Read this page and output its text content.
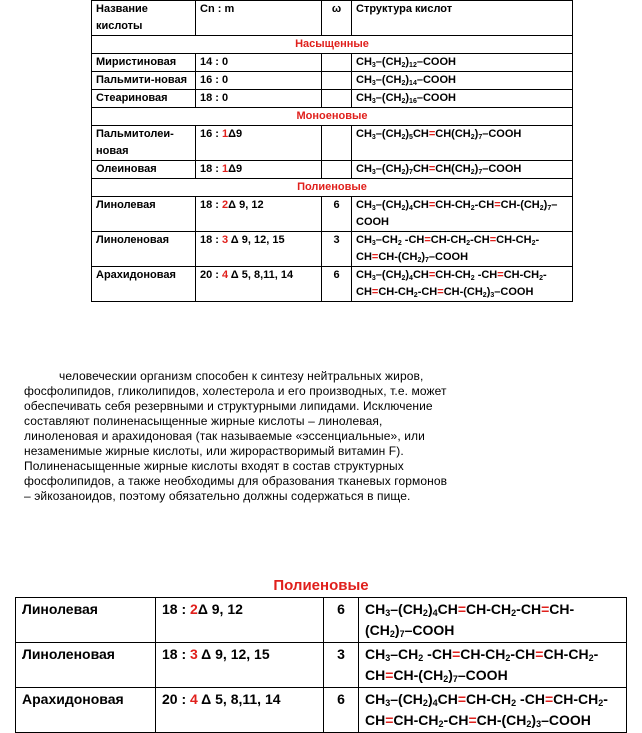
Название кислоты	Cn : m	ω	Структура кислот
Насыщенные			
Миристиновая	14 : 0		$CH_3-(CH_2)_{12}$–COOH
Пальмити-новая	16 : 0		$CH_3-(CH_2)_{14}$–COOH
Стеариновая	18 : 0		$CH_3-(CH_2)_{16}$–COOH
Моноеновые			
Пальмитолеи-новая	16 : 1Δ9		$CH_3-(CH_2)_5CH=CH(CH_2)_7$–COOH
Олеиновая	18 : 1Δ9		$CH_3-(CH_2)_7CH=CH(CH_2)_7$–COOH
Полиеновые			
Линолевая	18 : 2Δ 9, 12	6	$CH_3-(CH_2)_4CH=CH-CH_2-CH=CH-(CH_2)_7$–COOH
Линоленовая	18 : 3 Δ 9, 12, 15	3	$CH_3-CH_2$ $-CH=CH-CH_2-CH=CH-CH_2-CH=CH-(CH_2)_7$–COOH
Арахидоновая	20 : 4 Δ 5, 8,11, 14	6	$CH_3-(CH_2)_4CH=CH-CH_2$ $-CH=CH-CH_2-CH=CH-CH_2-CH=CH-(CH_2)_3$–COOH

человеческии организм способен к синтезу нейтральных жиров, фосфолипидов, гликолипидов, холестерола и его производных, т.е. может обеспечивать себя резервными и структурными липидами. Исключение составляют полиненасыщенные жирные кислоты – линолевая, линоленовая и арахидоновая (так называемые «эссенциальные», или незаменимые жирные кислоты, или жирорастворимый витамин F). Полиненасыщенные жирные кислоты входят в состав структурных фосфолипидов, а также необходимы для образования тканевых гормонов – эйкозаноидов, поэтому обязательно должны содержаться в пище.

Полиеновые
Линолевая	18 : 2Δ 9, 12	6	$CH_3-(CH_2)_4CH=CH-CH_2-CH=CH-(CH_2)_7$–COOH
Линоленовая	18 : 3 Δ 9, 12, 15	3	$CH_3-CH_2$ $-CH=CH-CH_2-CH=CH-CH_2-CH=CH-(CH_2)_7$–COOH
Арахидоновая	20 : 4 Δ 5, 8,11, 14	6	$CH_3-(CH_2)_4CH=CH-CH_2$ $-CH=CH-CH_2-CH=CH-CH_2-CH=CH-(CH_2)_3$–COOH
